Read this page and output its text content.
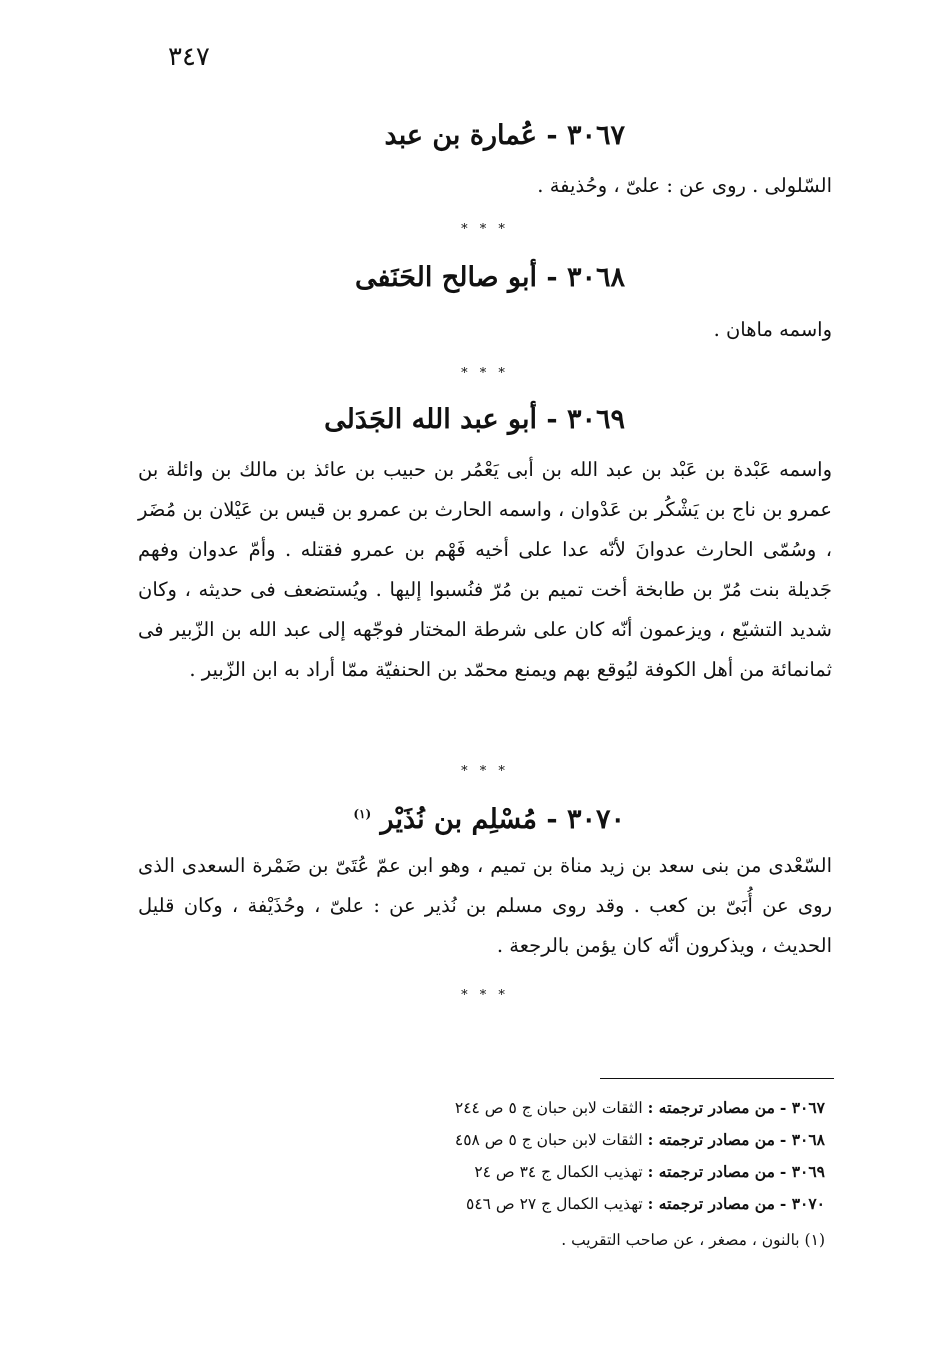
٣٤٧
٣٠٦٧ - عُمارة بن عبد
السّلولى . روى عن : علىّ ، وحُذيفة .
* * *
٣٠٦٨ - أبو صالح الحَنَفى
واسمه ماهان .
* * *
٣٠٦٩ - أبو عبد الله الجَدَلى
واسمه عَبْدة بن عَبْد بن عبد الله بن أبى يَعْمُر بن حبيب بن عائذ بن مالك بن وائلة بن عمرو بن ناج بن يَشْكُر بن عَدْوان ، واسمه الحارث بن عمرو بن قيس بن عَيْلان بن مُضَر ، وسُمّى الحارث عدوانَ لأنّه عدا على أخيه فَهْم بن عمرو فقتله . وأمّ عدوان وفهم جَديلة بنت مُرّ بن طابخة أخت تميم بن مُرّ فنُسبوا إليها . ويُستضعف فى حديثه ، وكان شديد التشيّع ، ويزعمون أنّه كان على شرطة المختار فوجّهه إلى عبد الله بن الزّبير فى ثمانمائة من أهل الكوفة ليُوقع بهم ويمنع محمّد بن الحنفيّة ممّا أراد به ابن الزّبير .
* * *
٣٠٧٠ - مُسْلِم بن نُذَيْر $^{(١)}$
السّعْدى من بنى سعد بن زيد مناة بن تميم ، وهو ابن عمّ عُتَىّ بن ضَمْرة السعدى الذى روى عن أُبَىّ بن كعب . وقد روى مسلم بن نُذير عن : علىّ ، وحُذَيْفة ، وكان قليل الحديث ، ويذكرون أنّه كان يؤمن بالرجعة .
* * *
٣٠٦٧ - من مصادر ترجمته : الثقات لابن حبان ج ٥ ص ٢٤٤
٣٠٦٨ - من مصادر ترجمته : الثقات لابن حبان ج ٥ ص ٤٥٨
٣٠٦٩ - من مصادر ترجمته : تهذيب الكمال ج ٣٤ ص ٢٤
٣٠٧٠ - من مصادر ترجمته : تهذيب الكمال ج ٢٧ ص ٥٤٦
(١) بالنون ، مصغر ، عن صاحب التقريب .
